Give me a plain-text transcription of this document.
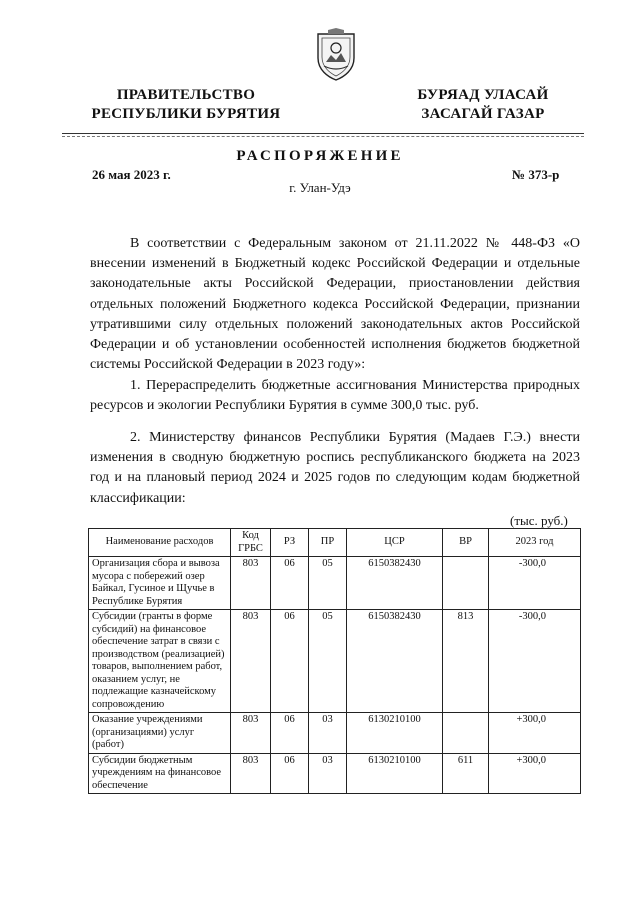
ПРАВИТЕЛЬСТВО
РЕСПУБЛИКИ БУРЯТИЯ
БУРЯАД УЛАСАЙ
ЗАСАГАЙ ГАЗАР
РАСПОРЯЖЕНИЕ
26 мая 2023 г.	№ 373-р
г. Улан-Удэ

В соответствии с Федеральным законом от 21.11.2022 № 448-ФЗ «О внесении изменений в Бюджетный кодекс Российской Федерации и отдельные законодательные акты Российской Федерации, приостановлении действия отдельных положений Бюджетного кодекса Российской Федерации, признании утратившими силу отдельных положений законодательных актов Российской Федерации и об установлении особенностей исполнения бюджетов бюджетной системы Российской Федерации в 2023 году»:

1. Перераспределить бюджетные ассигнования Министерства природных ресурсов и экологии Республики Бурятия в сумме 300,0 тыс. руб.

2. Министерству финансов Республики Бурятия (Мадаев Г.Э.) внести изменения в сводную бюджетную роспись республиканского бюджета на 2023 год и на плановый период 2024 и 2025 годов по следующим кодам бюджетной классификации:

(тыс. руб.)
Наименование расходов	Код ГРБС	РЗ	ПР	ЦСР	ВР	2023 год
Организация сбора и вывоза мусора с побережий озер Байкал, Гусиное и Щучье в Республике Бурятия	803	06	05	6150382430		-300,0
Субсидии (гранты в форме субсидий) на финансовое обеспечение затрат в связи с производством (реализацией) товаров, выполнением работ, оказанием услуг, не подлежащие казначейскому сопровождению	803	06	05	6150382430	813	-300,0
Оказание учреждениями (организациями) услуг (работ)	803	06	03	6130210100		+300,0
Субсидии бюджетным учреждениям на финансовое обеспечение	803	06	03	6130210100	611	+300,0
